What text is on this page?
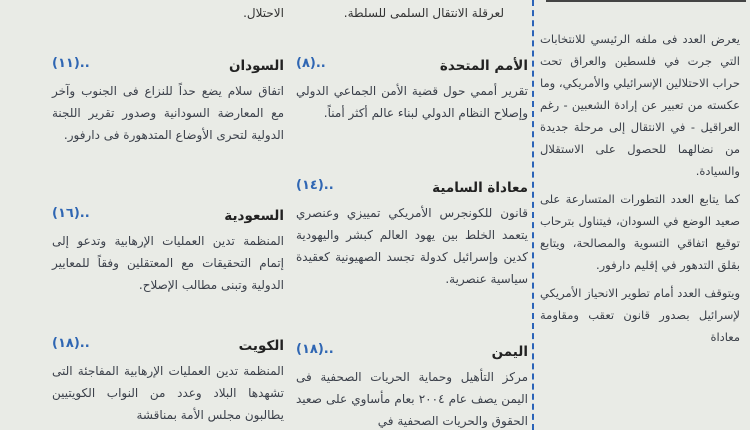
لعرقلة الانتقال السلمى للسلطة.
الاحتلال.

يعرض العدد فى ملفه الرئيسي للانتخابات التي جرت في فلسطين والعراق تحت حراب الاحتلالين الإسرائيلي والأمريكي، وما عكسته من تعبير عن إرادة الشعبين - رغم العراقيل - في الانتقال إلى مرحلة جديدة من نضالهما للحصول على الاستقلال والسيادة.

كما يتابع العدد التطورات المتسارعة على صعيد الوضع في السودان، فيتناول بترحاب توقيع اتفاقي التسوية والمصالحة، ويتابع بقلق التدهور في إقليم دارفور.

ويتوقف العدد أمام تطوير الانحياز الأمريكي لإسرائيل بصدور قانون تعقب ومقاومة معاداة

الأمم المتحدة
(٨)..
تقرير أممي حول قضية الأمن الجماعي الدولي وإصلاح النظام الدولي لبناء عالم أكثر أمناً.
معاداة السامية
(١٤)..
قانون للكونجرس الأمريكي تمييزي وعنصري يتعمد الخلط بين يهود العالم كبشر واليهودية كدين وإسرائيل كدولة تجسد الصهيونية كعقيدة سياسية عنصرية.
اليمن
(١٨)..
مركز التأهيل وحماية الحريات الصحفية فى اليمن يصف عام ٢٠٠٤ بعام مأساوي على صعيد الحقوق والحريات الصحفية في
السودان
(١١)..
اتفاق سلام يضع حداً للنزاع فى الجنوب وآخر مع المعارضة السودانية وصدور تقرير اللجنة الدولية لتحرى الأوضاع المتدهورة فى دارفور.
السعودية
(١٦)..
المنظمة تدين العمليات الإرهابية وتدعو إلى إتمام التحقيقات مع المعتقلين وفقاً للمعايير الدولية وتبنى مطالب الإصلاح.
الكويت
(١٨)..
المنظمة تدين العمليات الإرهابية المفاجئة التى تشهدها البلاد وعدد من النواب الكويتيين يطالبون مجلس الأمة بمناقشة
